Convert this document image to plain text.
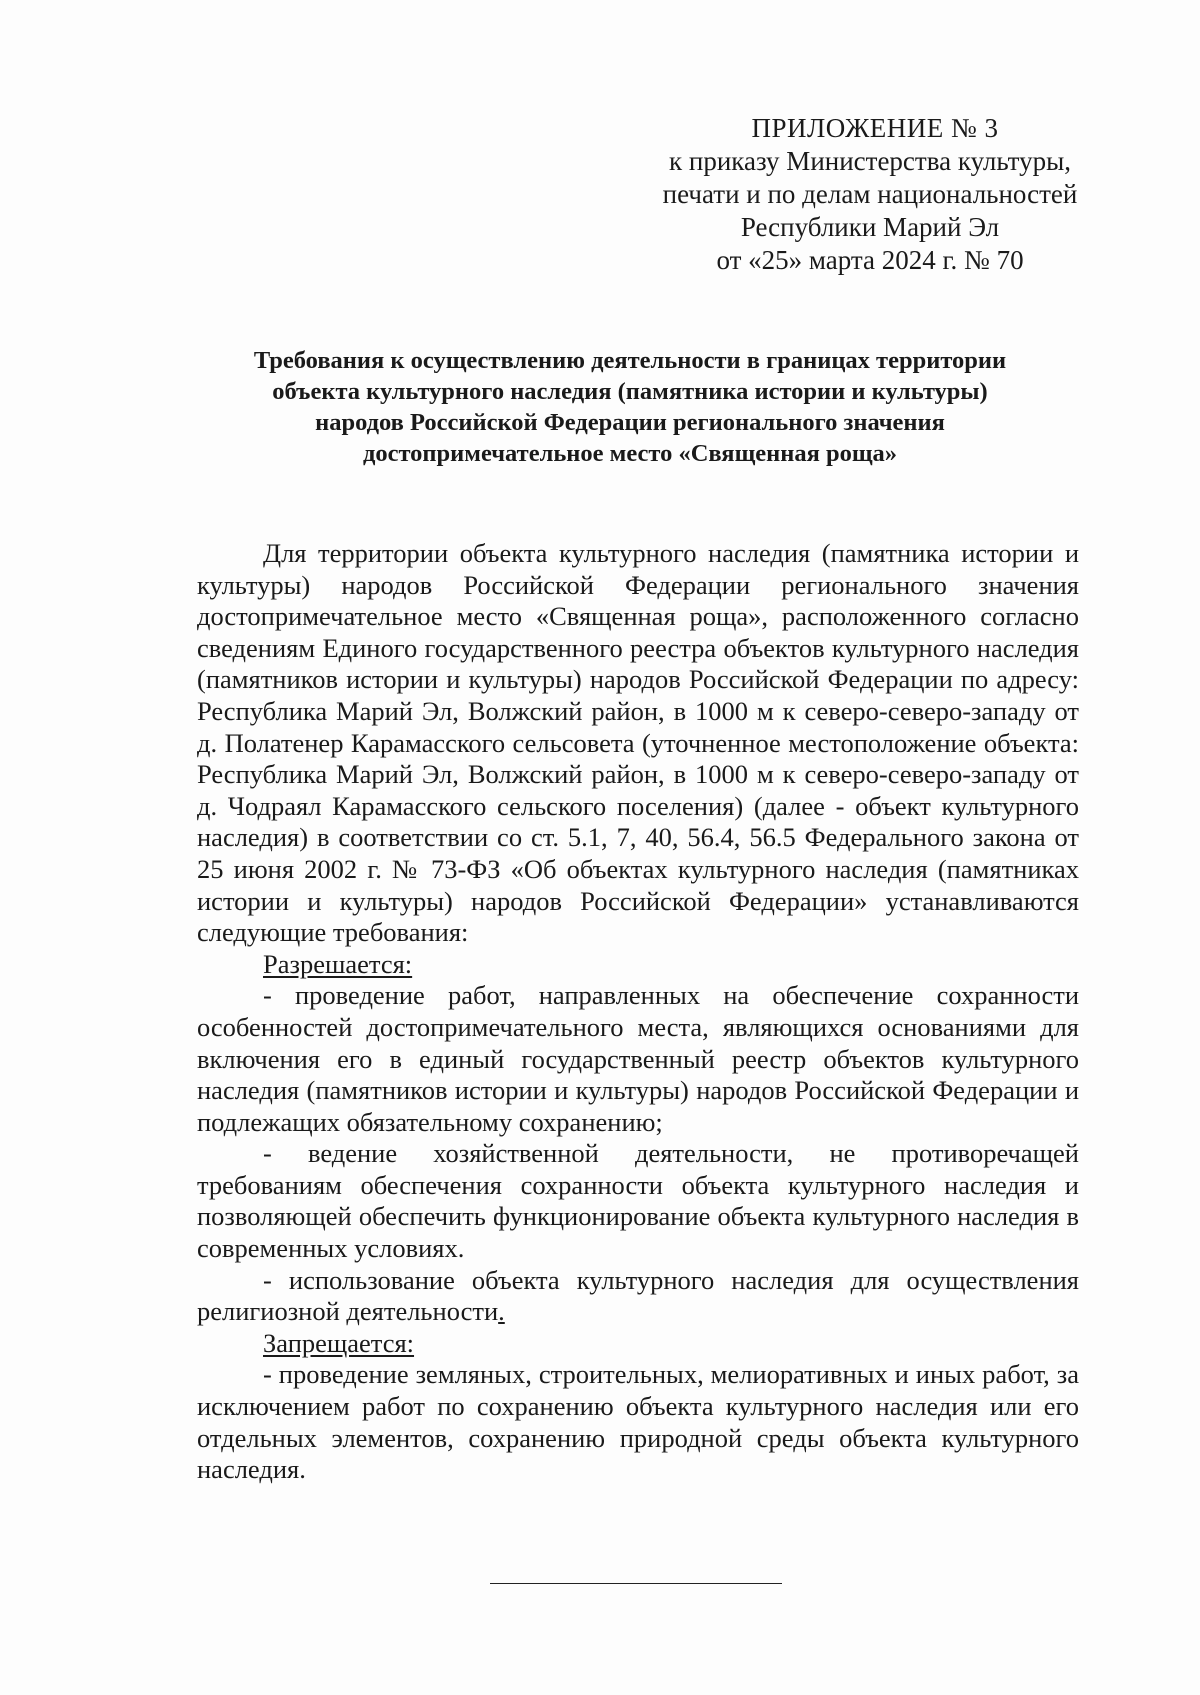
ПРИЛОЖЕНИЕ № 3
к приказу Министерства культуры,
печати и по делам национальностей
Республики Марий Эл
от «25» марта 2024 г. № 70
Требования к осуществлению деятельности в границах территории
объекта культурного наследия (памятника истории и культуры)
народов Российской Федерации регионального значения
достопримечательное место «Священная роща»

Для территории объекта культурного наследия (памятника истории и культуры) народов Российской Федерации регионального значения достопримечательное место «Священная роща», расположенного согласно сведениям Единого государственного реестра объектов культурного наследия (памятников истории и культуры) народов Российской Федерации по адресу: Республика Марий Эл, Волжский район, в 1000 м к северо-северо-западу от д. Полатенер Карамасского сельсовета (уточненное местоположение объекта: Республика Марий Эл, Волжский район, в 1000 м к северо-северо-западу от д. Чодраял Карамасского сельского поселения) (далее - объект культурного наследия) в соответствии со ст. 5.1, 7, 40, 56.4, 56.5 Федерального закона от 25 июня 2002 г. № 73-ФЗ «Об объектах культурного наследия (памятниках истории и культуры) народов Российской Федерации» устанавливаются следующие требования:

Разрешается:

- проведение работ, направленных на обеспечение сохранности особенностей достопримечательного места, являющихся основаниями для включения его в единый государственный реестр объектов культурного наследия (памятников истории и культуры) народов Российской Федерации и подлежащих обязательному сохранению;

- ведение хозяйственной деятельности, не противоречащей требованиям обеспечения сохранности объекта культурного наследия и позволяющей обеспечить функционирование объекта культурного наследия в современных условиях.

- использование объекта культурного наследия для осуществления религиозной деятельности.

Запрещается:

- проведение земляных, строительных, мелиоративных и иных работ, за исключением работ по сохранению объекта культурного наследия или его отдельных элементов, сохранению природной среды объекта культурного наследия.
